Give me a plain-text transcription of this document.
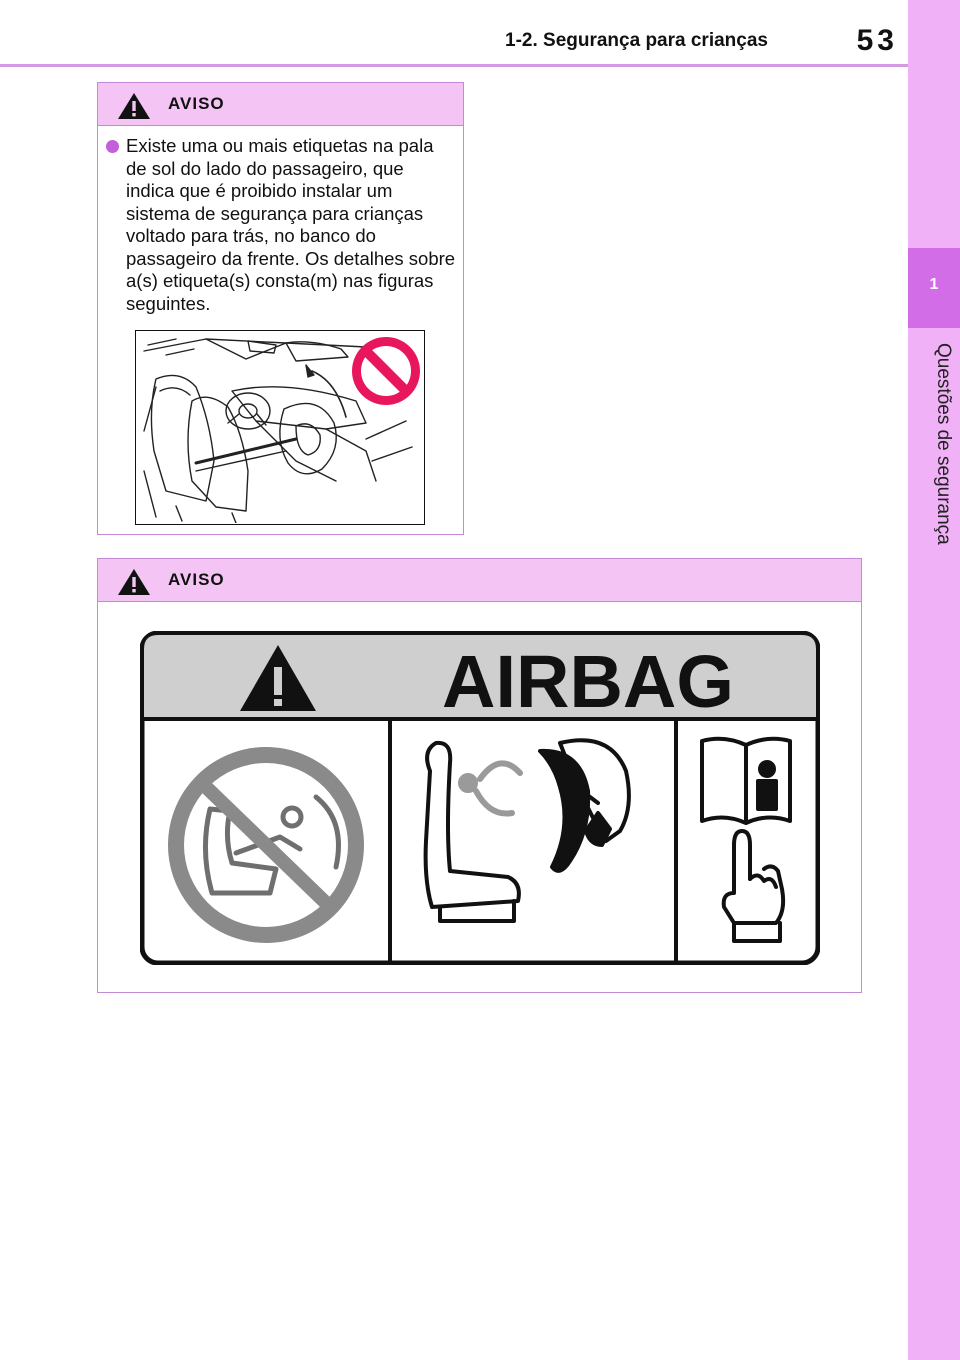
1-2. Segurança para crianças	53
1
Questões de segurança
AVISO
Existe uma ou mais etiquetas na pala de sol do lado do passageiro, que indica que é proibido instalar um sistema de segurança para crianças voltado para trás, no banco do passageiro da frente. Os detalhes sobre a(s) etiqueta(s) consta(m) nas figuras seguintes.
AVISO
AIRBAG
